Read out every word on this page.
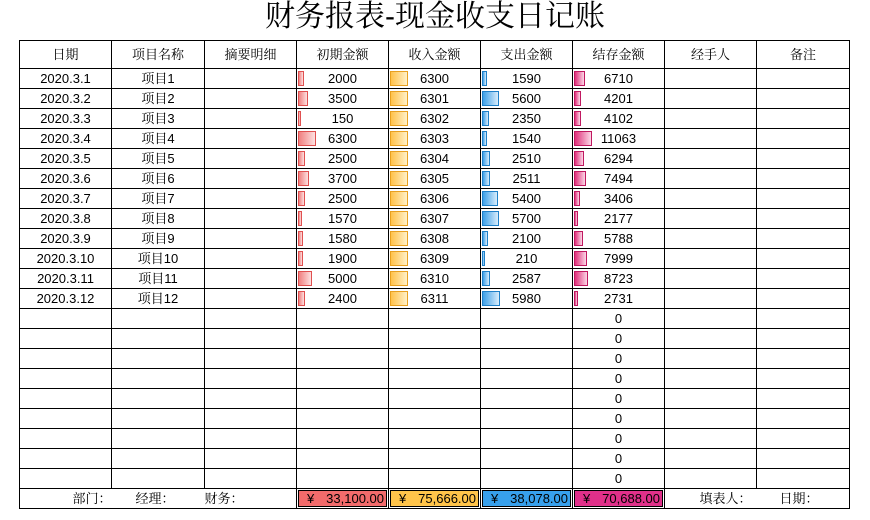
财务报表-现金收支日记账
日期	项目名称	摘要明细	初期金额	收入金额	支出金额	结存金额	经手人	备注
2020.3.1	项目1		2000	6300	1590	6710		
2020.3.2	项目2		3500	6301	5600	4201		
2020.3.3	项目3		150	6302	2350	4102		
2020.3.4	项目4		6300	6303	1540	11063		
2020.3.5	项目5		2500	6304	2510	6294		
2020.3.6	项目6		3700	6305	2511	7494		
2020.3.7	项目7		2500	6306	5400	3406		
2020.3.8	项目8		1570	6307	5700	2177		
2020.3.9	项目9		1580	6308	2100	5788		
2020.3.10	项目10		1900	6309	210	7999		
2020.3.11	项目11		5000	6310	2587	8723		
2020.3.12	项目12		2400	6311	5980	2731		
						0		
						0		
						0		
						0		
						0		
						0		
						0		
						0		
						0		
部门： 经理： 财务：			¥ 33,100.00	¥ 75,666.00	¥ 38,078.00	¥ 70,688.00	填表人： 日期：	
